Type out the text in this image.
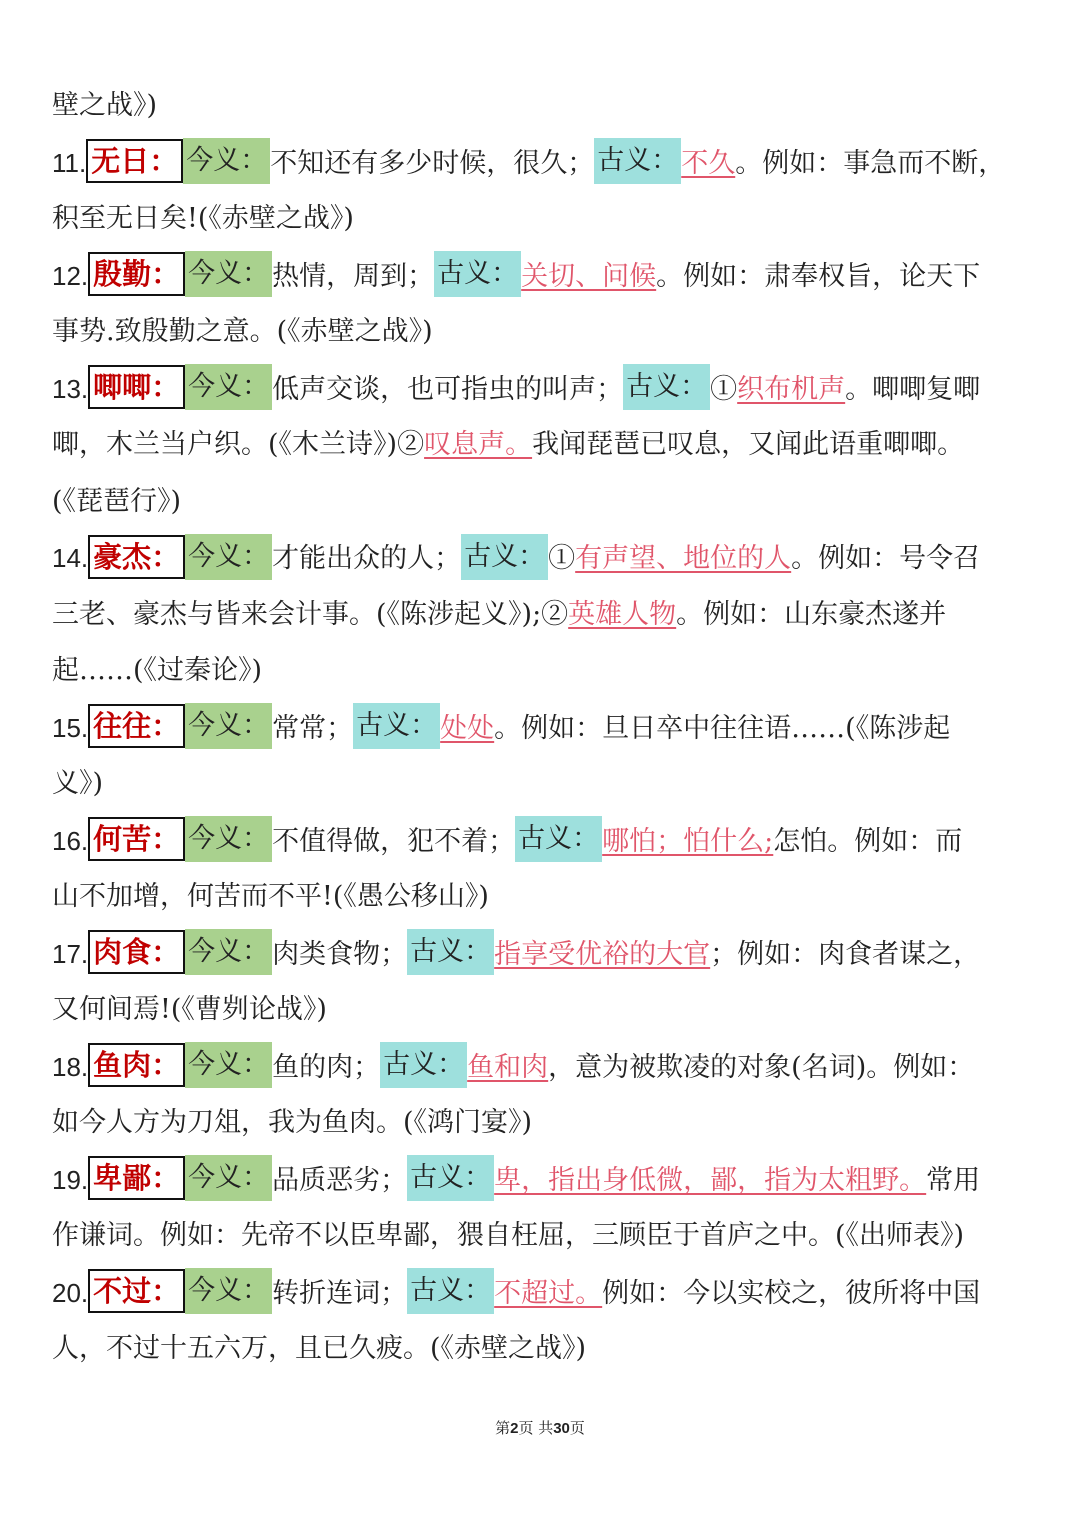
壁之战》)
11. 无日： 今义： 不知还有多少时候，很久； 古义： 不久。例如：事急而不断，
积至无日矣!(《赤壁之战》)
12. 殷勤： 今义： 热情，周到； 古义： 关切、问候。例如：肃奉权旨，论天下
事势.致殷勤之意。(《赤壁之战》)
13. 唧唧： 今义： 低声交谈，也可指虫的叫声； 古义： ①织布机声。唧唧复唧
唧，木兰当户织。(《木兰诗》)②叹息声。我闻琵琶已叹息，又闻此语重唧唧。
(《琵琶行》)
14. 豪杰： 今义： 才能出众的人； 古义： ①有声望、地位的人。例如：号令召
三老、豪杰与皆来会计事。(《陈涉起义》);②英雄人物。例如：山东豪杰遂并
起……(《过秦论》)
15. 往往： 今义： 常常； 古义： 处处。例如：旦日卒中往往语……(《陈涉起
义》)
16. 何苦： 今义： 不值得做，犯不着； 古义： 哪怕；怕什么;怎怕。例如：而
山不加增，何苦而不平!(《愚公移山》)
17. 肉食： 今义： 肉类食物； 古义： 指享受优裕的大官；例如：肉食者谋之，
又何间焉!(《曹刿论战》)
18. 鱼肉： 今义： 鱼的肉； 古义： 鱼和肉，意为被欺凌的对象(名词)。例如：
如今人方为刀俎，我为鱼肉。(《鸿门宴》)
19. 卑鄙： 今义： 品质恶劣； 古义： 卑，指出身低微，鄙，指为太粗野。常用
作谦词。例如：先帝不以臣卑鄙，猥自枉屈，三顾臣于首庐之中。(《出师表》)
20. 不过： 今义： 转折连词； 古义： 不超过。例如：今以实校之，彼所将中国
人，不过十五六万，且已久疲。(《赤壁之战》)
第2页 共30页
